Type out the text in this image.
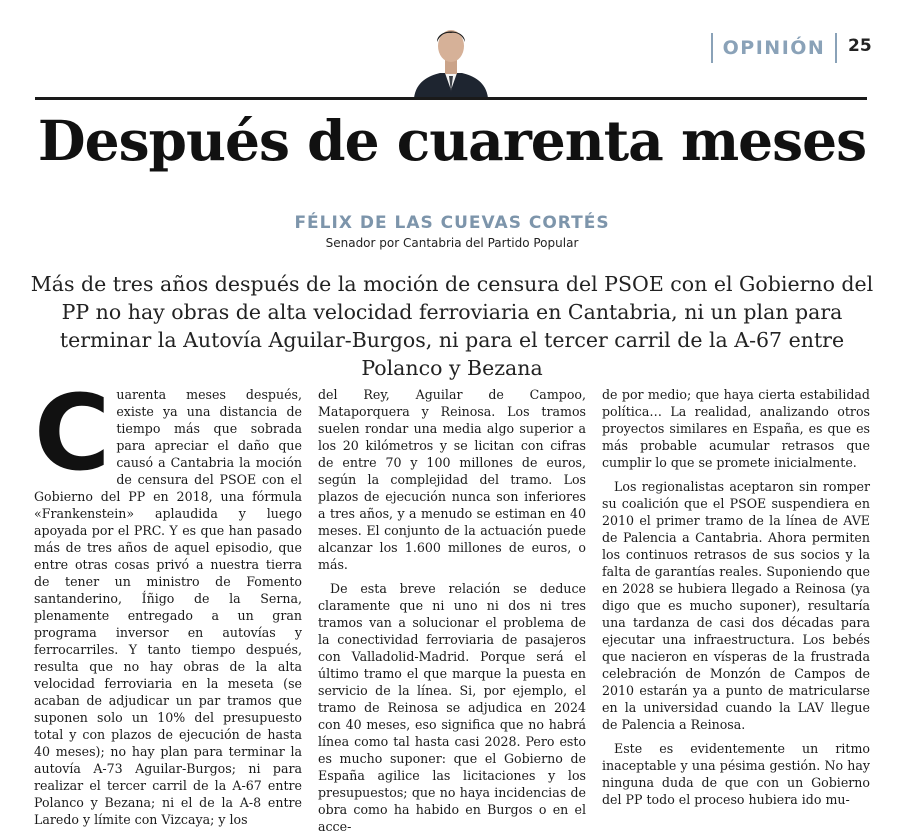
OPINIÓN 25
Después de cuarenta meses
FÉLIX DE LAS CUEVAS CORTÉS
Senador por Cantabria del Partido Popular
Más de tres años después de la moción de censura del PSOE con el Gobierno del PP no hay obras de alta velocidad ferroviaria en Cantabria, ni un plan para terminar la Autovía Aguilar-Burgos, ni para el tercer carril de la A-67 entre Polanco y Bezana

Cuarenta meses después, existe ya una distancia de tiempo más que sobrada para apreciar el daño que causó a Cantabria la moción de censura del PSOE con el Gobierno del PP en 2018, una fórmula «Frankenstein» aplaudida y luego apoyada por el PRC. Y es que han pasado más de tres años de aquel episodio, que entre otras cosas privó a nuestra tierra de tener un ministro de Fomento santanderino, Íñigo de la Serna, plenamente entregado a un gran programa inversor en autovías y ferrocarriles. Y tanto tiempo después, resulta que no hay obras de la alta velocidad ferroviaria en la meseta (se acaban de adjudicar un par tramos que suponen solo un 10% del presupuesto total y con plazos de ejecución de hasta 40 meses); no hay plan para terminar la autovía A-73 Aguilar-Burgos; ni para realizar el tercer carril de la A-67 entre Polanco y Bezana; ni el de la A-8 entre Laredo y límite con Vizcaya; y los

del Rey, Aguilar de Campoo, Mataporquera y Reinosa. Los tramos suelen rondar una media algo superior a los 20 kilómetros y se licitan con cifras de entre 70 y 100 millones de euros, según la complejidad del tramo. Los plazos de ejecución nunca son inferiores a tres años, y a menudo se estiman en 40 meses. El conjunto de la actuación puede alcanzar los 1.600 millones de euros, o más.

De esta breve relación se deduce claramente que ni uno ni dos ni tres tramos van a solucionar el problema de la conectividad ferroviaria de pasajeros con Valladolid-Madrid. Porque será el último tramo el que marque la puesta en servicio de la línea. Si, por ejemplo, el tramo de Reinosa se adjudica en 2024 con 40 meses, eso significa que no habrá línea como tal hasta casi 2028. Pero esto es mucho suponer: que el Gobierno de España agilice las licitaciones y los presupuestos; que no haya incidencias de obra como ha habido en Burgos o en el acce-

de por medio; que haya cierta estabilidad política… La realidad, analizando otros proyectos similares en España, es que es más probable acumular retrasos que cumplir lo que se promete inicialmente.

Los regionalistas aceptaron sin romper su coalición que el PSOE suspendiera en 2010 el primer tramo de la línea de AVE de Palencia a Cantabria. Ahora permiten los continuos retrasos de sus socios y la falta de garantías reales. Suponiendo que en 2028 se hubiera llegado a Reinosa (ya digo que es mucho suponer), resultaría una tardanza de casi dos décadas para ejecutar una infraestructura. Los bebés que nacieron en vísperas de la frustrada celebración de Monzón de Campos de 2010 estarán ya a punto de matricularse en la universidad cuando la LAV llegue de Palencia a Reinosa.

Este es evidentemente un ritmo inaceptable y una pésima gestión. No hay ninguna duda de que con un Gobierno del PP todo el proceso hubiera ido mu-
